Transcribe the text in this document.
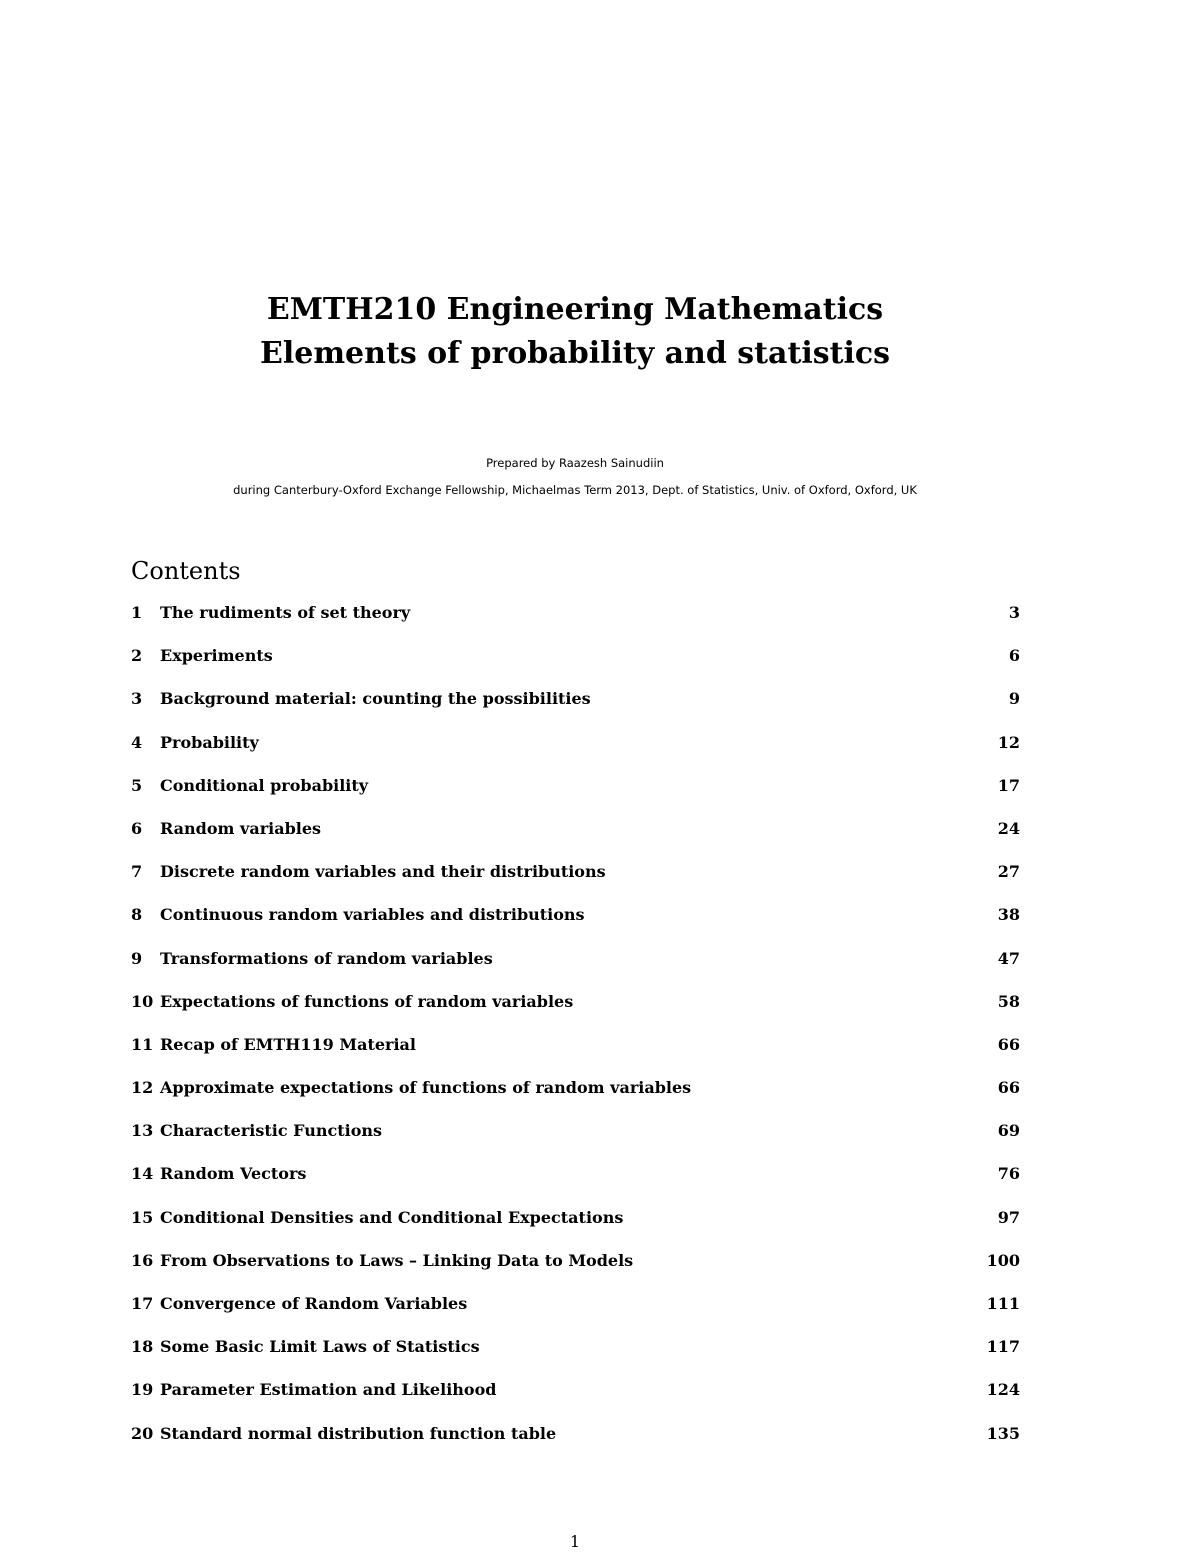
EMTH210 Engineering Mathematics
Elements of probability and statistics

Prepared by Raazesh Sainudiin

during Canterbury-Oxford Exchange Fellowship, Michaelmas Term 2013, Dept. of Statistics, Univ. of Oxford, Oxford, UK

Contents
1	The rudiments of set theory	3
2	Experiments	6
3	Background material: counting the possibilities	9
4	Probability	12
5	Conditional probability	17
6	Random variables	24
7	Discrete random variables and their distributions	27
8	Continuous random variables and distributions	38
9	Transformations of random variables	47
10 Expectations of functions of random variables	58
11 Recap of EMTH119 Material	66
12 Approximate expectations of functions of random variables	66
13 Characteristic Functions	69
14 Random Vectors	76
15 Conditional Densities and Conditional Expectations	97
16 From Observations to Laws – Linking Data to Models	100
17 Convergence of Random Variables	111
18 Some Basic Limit Laws of Statistics	117
19 Parameter Estimation and Likelihood	124
20 Standard normal distribution function table	135
1
